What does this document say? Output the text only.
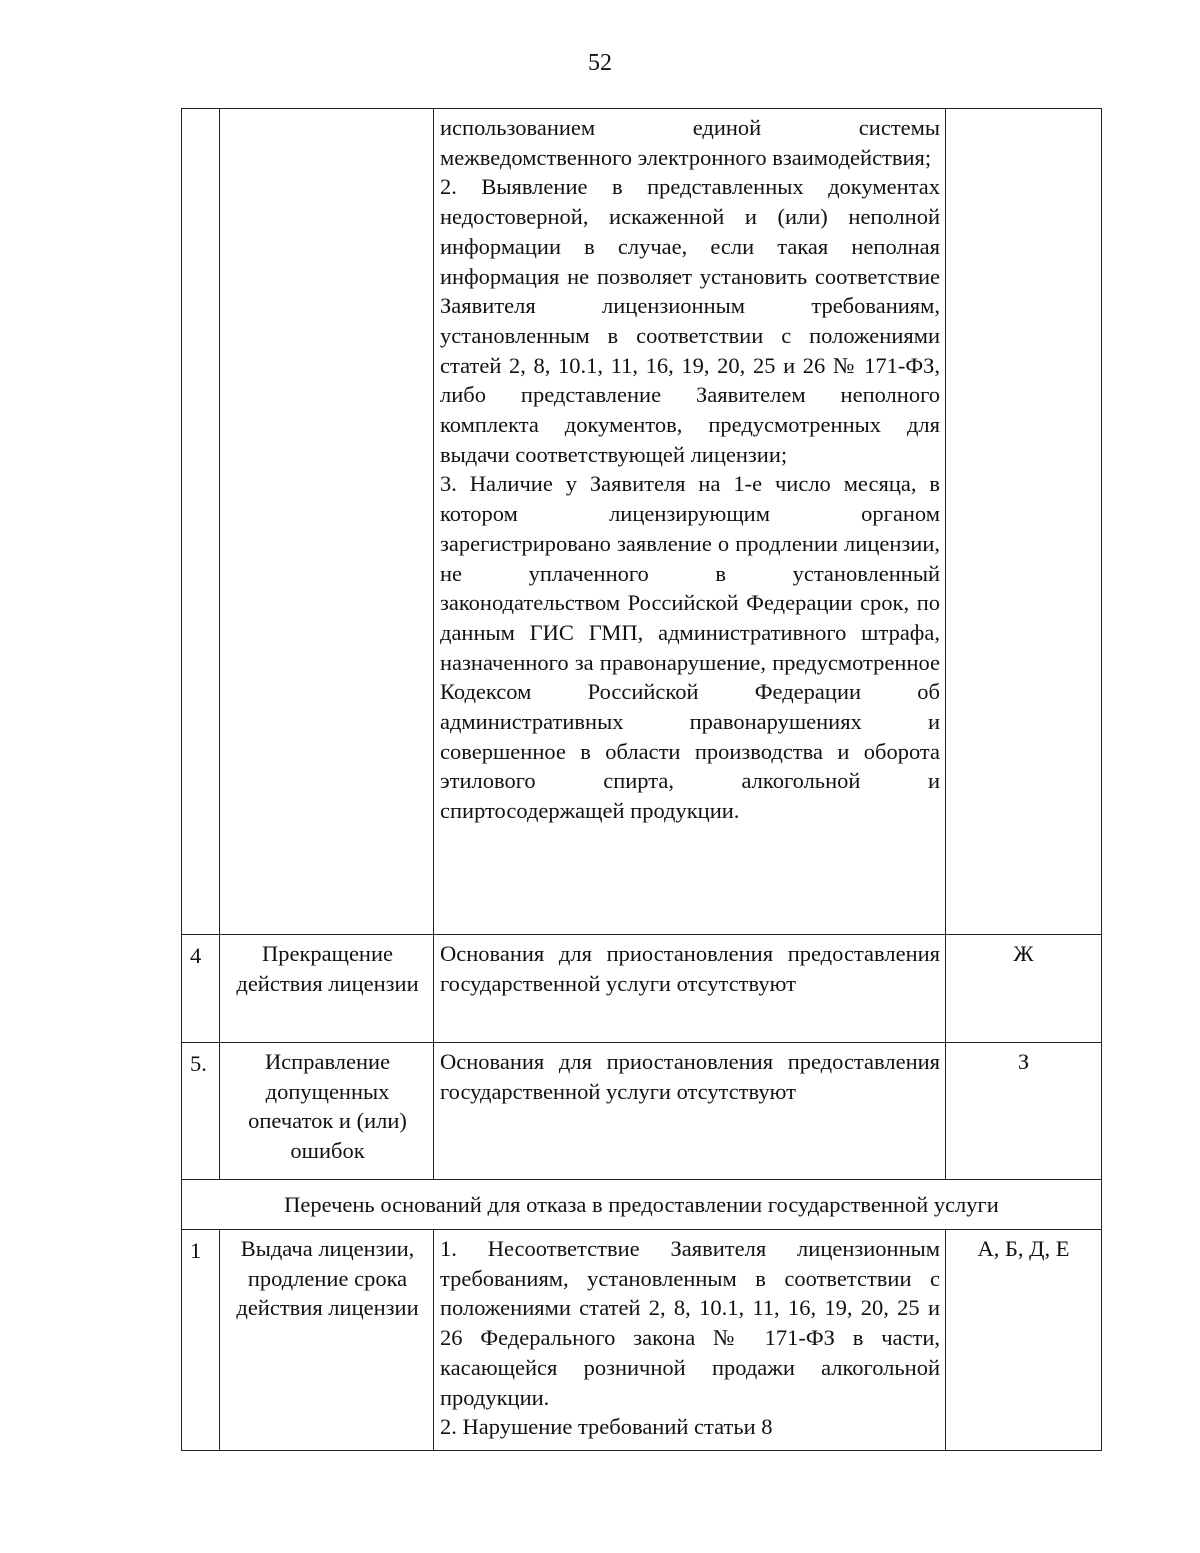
52

		использованием единой системы межведомственного электронного взаимодействия;
2. Выявление в представленных документах недостоверной, искаженной и (или) неполной информации в случае, если такая неполная информация не позволяет установить соответствие Заявителя лицензионным требованиям, установленным в соответствии с положениями статей 2, 8, 10.1, 11, 16, 19, 20, 25 и 26 № 171-ФЗ, либо представление Заявителем неполного комплекта документов, предусмотренных для выдачи соответствующей лицензии;
3. Наличие у Заявителя на 1-е число месяца, в котором лицензирующим органом зарегистрировано заявление о продлении лицензии, не уплаченного в установленный законодательством Российской Федерации срок, по данным ГИС ГМП, административного штрафа, назначенного за правонарушение, предусмотренное Кодексом Российской Федерации об административных правонарушениях и совершенное в области производства и оборота этилового спирта, алкогольной и спиртосодержащей продукции.	

4	Прекращение действия лицензии	Основания для приостановления предоставления государственной услуги отсутствуют	Ж
5.	Исправление допущенных опечаток и (или) ошибок	Основания для приостановления предоставления государственной услуги отсутствуют	З
Перечень оснований для отказа в предоставлении государственной услуги			
1	Выдача лицензии, продление срока действия лицензии	1. Несоответствие Заявителя лицензионным требованиям, установленным в соответствии с положениями статей 2, 8, 10.1, 11, 16, 19, 20, 25 и 26 Федерального закона № 171-ФЗ в части, касающейся розничной продажи алкогольной продукции.
2. Нарушение требований статьи 8	А, Б, Д, Е
